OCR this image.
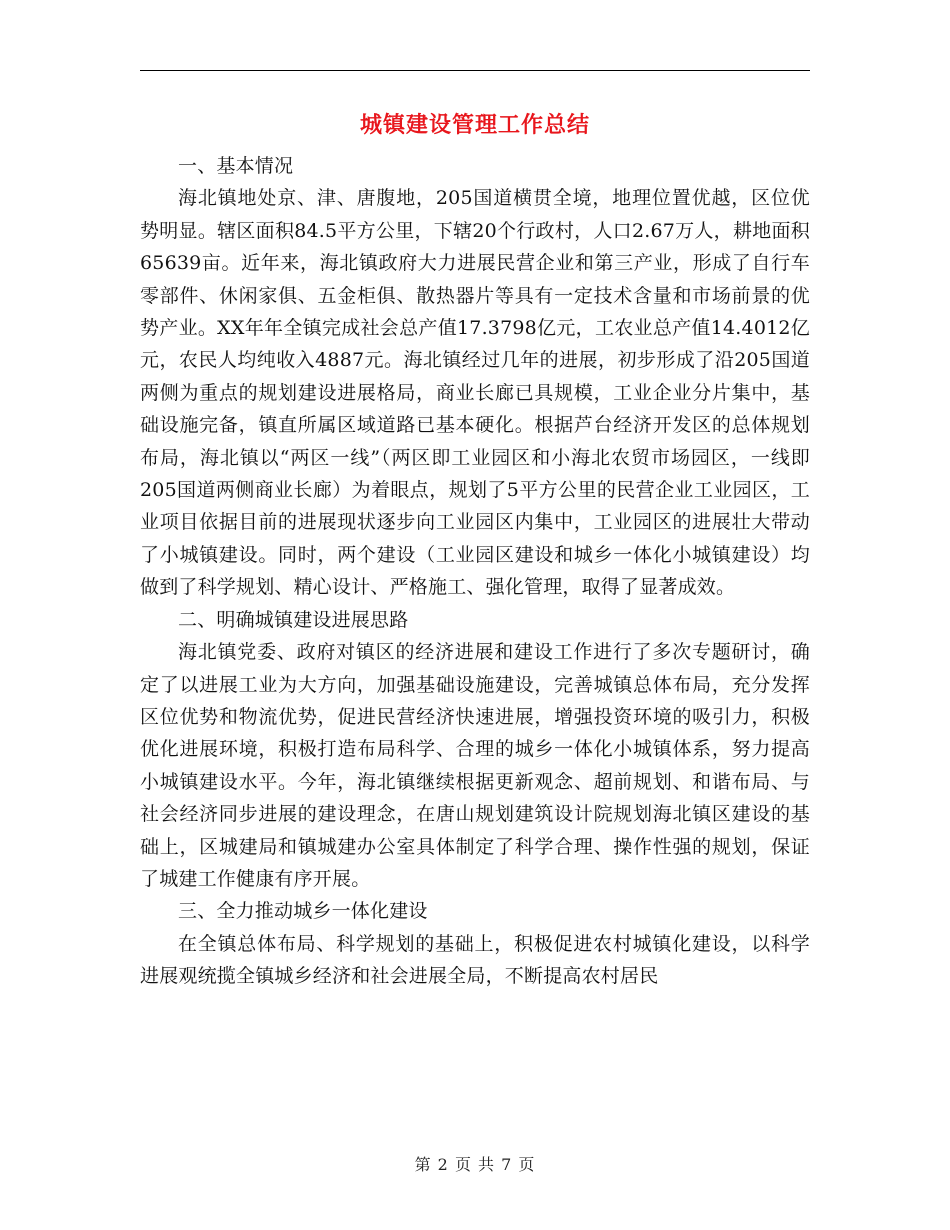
城镇建设管理工作总结

一、基本情况

海北镇地处京、津、唐腹地，205国道横贯全境，地理位置优越，区位优势明显。辖区面积84.5平方公里，下辖20个行政村，人口2.67万人，耕地面积65639亩。近年来，海北镇政府大力进展民营企业和第三产业，形成了自行车零部件、休闲家俱、五金柜俱、散热器片等具有一定技术含量和市场前景的优势产业。XX年年全镇完成社会总产值17.3798亿元，工农业总产值14.4012亿元，农民人均纯收入4887元。海北镇经过几年的进展，初步形成了沿205国道两侧为重点的规划建设进展格局，商业长廊已具规模，工业企业分片集中，基础设施完备，镇直所属区域道路已基本硬化。根据芦台经济开发区的总体规划布局，海北镇以“两区一线”（两区即工业园区和小海北农贸市场园区，一线即205国道两侧商业长廊）为着眼点，规划了5平方公里的民营企业工业园区，工业项目依据目前的进展现状逐步向工业园区内集中，工业园区的进展壮大带动了小城镇建设。同时，两个建设（工业园区建设和城乡一体化小城镇建设）均做到了科学规划、精心设计、严格施工、强化管理，取得了显著成效。

二、明确城镇建设进展思路

海北镇党委、政府对镇区的经济进展和建设工作进行了多次专题研讨，确定了以进展工业为大方向，加强基础设施建设，完善城镇总体布局，充分发挥区位优势和物流优势，促进民营经济快速进展，增强投资环境的吸引力，积极优化进展环境，积极打造布局科学、合理的城乡一体化小城镇体系，努力提高小城镇建设水平。今年，海北镇继续根据更新观念、超前规划、和谐布局、与社会经济同步进展的建设理念，在唐山规划建筑设计院规划海北镇区建设的基础上，区城建局和镇城建办公室具体制定了科学合理、操作性强的规划，保证了城建工作健康有序开展。

三、全力推动城乡一体化建设

在全镇总体布局、科学规划的基础上，积极促进农村城镇化建设，以科学进展观统揽全镇城乡经济和社会进展全局，不断提高农村居民

第 2 页 共 7 页
